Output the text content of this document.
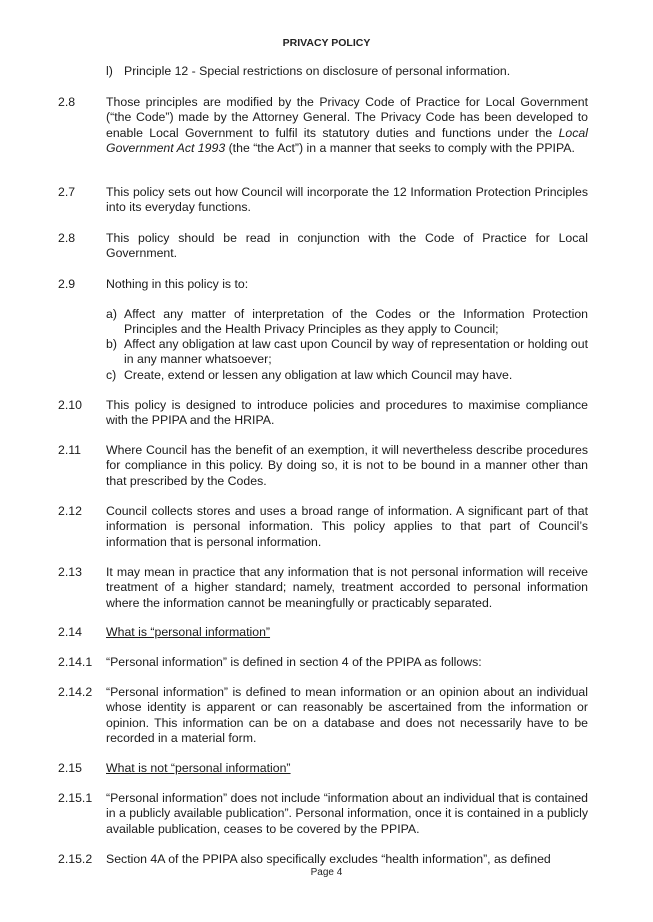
PRIVACY POLICY
l) Principle 12 - Special restrictions on disclosure of personal information.
2.8	Those principles are modified by the Privacy Code of Practice for Local Government (“the Code”) made by the Attorney General. The Privacy Code has been developed to enable Local Government to fulfil its statutory duties and functions under the Local Government Act 1993 (the “the Act”) in a manner that seeks to comply with the PPIPA.
2.7	This policy sets out how Council will incorporate the 12 Information Protection Principles into its everyday functions.
2.8	This policy should be read in conjunction with the Code of Practice for Local Government.
2.9	Nothing in this policy is to:
a) Affect any matter of interpretation of the Codes or the Information Protection Principles and the Health Privacy Principles as they apply to Council;
b) Affect any obligation at law cast upon Council by way of representation or holding out in any manner whatsoever;
c) Create, extend or lessen any obligation at law which Council may have.
2.10 This policy is designed to introduce policies and procedures to maximise compliance with the PPIPA and the HRIPA.
2.11 Where Council has the benefit of an exemption, it will nevertheless describe procedures for compliance in this policy. By doing so, it is not to be bound in a manner other than that prescribed by the Codes.
2.12 Council collects stores and uses a broad range of information. A significant part of that information is personal information. This policy applies to that part of Council’s information that is personal information.
2.13 It may mean in practice that any information that is not personal information will receive treatment of a higher standard; namely, treatment accorded to personal information where the information cannot be meaningfully or practicably separated.
2.14 What is “personal information”
2.14.1 “Personal information” is defined in section 4 of the PPIPA as follows:
2.14.2 “Personal information” is defined to mean information or an opinion about an individual whose identity is apparent or can reasonably be ascertained from the information or opinion. This information can be on a database and does not necessarily have to be recorded in a material form.
2.15 What is not “personal information”
2.15.1 “Personal information” does not include “information about an individual that is contained in a publicly available publication”. Personal information, once it is contained in a publicly available publication, ceases to be covered by the PPIPA.
2.15.2 Section 4A of the PPIPA also specifically excludes “health information”, as defined
Page 4
